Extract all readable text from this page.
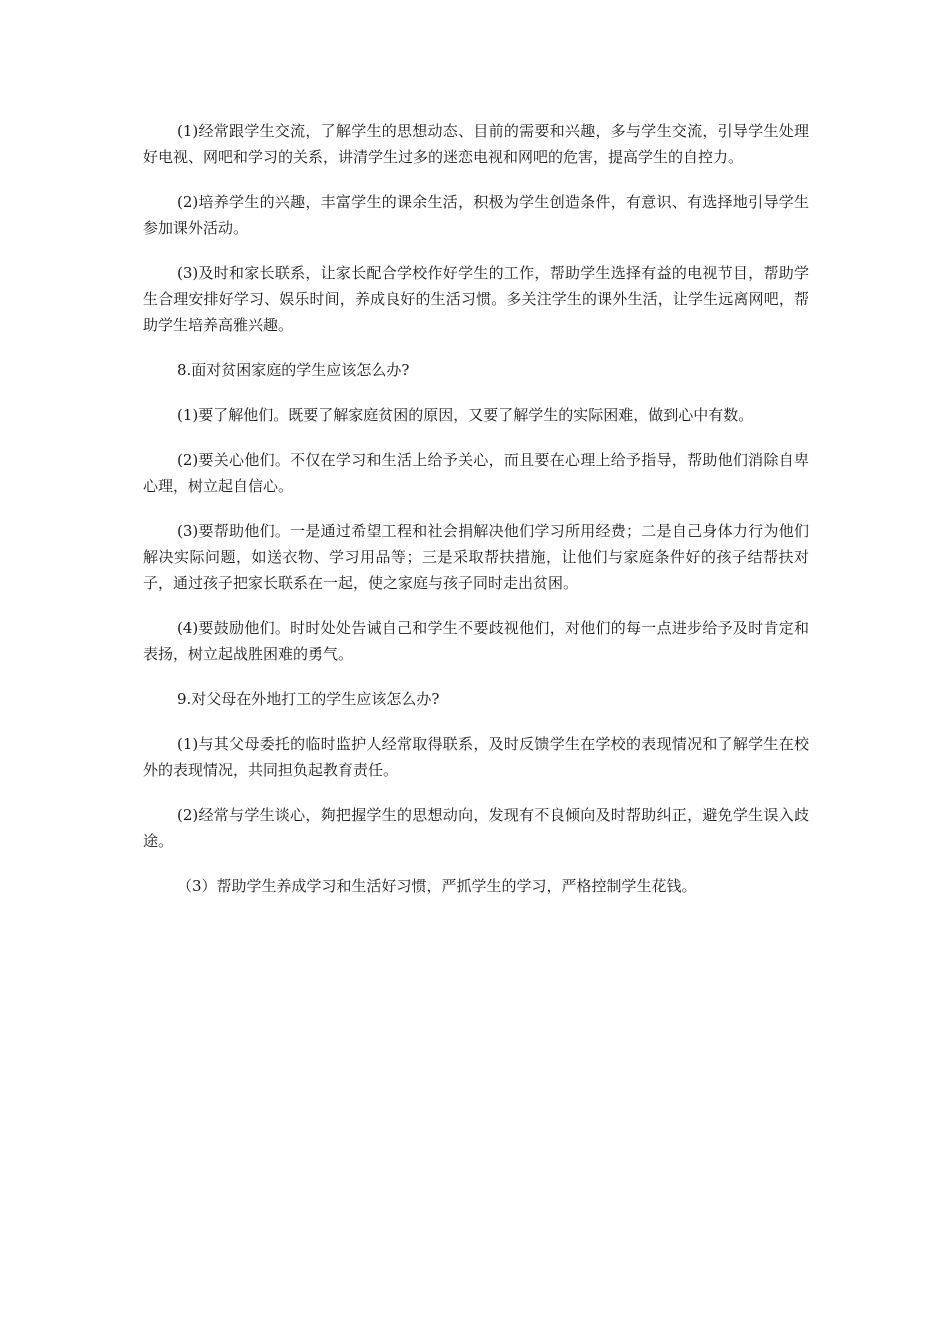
(1)经常跟学生交流，了解学生的思想动态、目前的需要和兴趣，多与学生交流，引导学生处理好电视、网吧和学习的关系，讲清学生过多的迷恋电视和网吧的危害，提高学生的自控力。

(2)培养学生的兴趣，丰富学生的课余生活，积极为学生创造条件，有意识、有选择地引导学生参加课外活动。

(3)及时和家长联系，让家长配合学校作好学生的工作，帮助学生选择有益的电视节目，帮助学生合理安排好学习、娱乐时间，养成良好的生活习惯。多关注学生的课外生活，让学生远离网吧，帮助学生培养高雅兴趣。

8.面对贫困家庭的学生应该怎么办?

(1)要了解他们。既要了解家庭贫困的原因，又要了解学生的实际困难，做到心中有数。

(2)要关心他们。不仅在学习和生活上给予关心，而且要在心理上给予指导，帮助他们消除自卑心理，树立起自信心。

(3)要帮助他们。一是通过希望工程和社会捐解决他们学习所用经费；二是自己身体力行为他们解决实际问题，如送衣物、学习用品等；三是采取帮扶措施，让他们与家庭条件好的孩子结帮扶对子，通过孩子把家长联系在一起，使之家庭与孩子同时走出贫困。

(4)要鼓励他们。时时处处告诫自己和学生不要歧视他们，对他们的每一点进步给予及时肯定和表扬，树立起战胜困难的勇气。

9.对父母在外地打工的学生应该怎么办?

(1)与其父母委托的临时监护人经常取得联系，及时反馈学生在学校的表现情况和了解学生在校外的表现情况，共同担负起教育责任。

(2)经常与学生谈心，夠把握学生的思想动向，发现有不良倾向及时帮助纠正，避免学生误入歧途。

（3）帮助学生养成学习和生活好习惯，严抓学生的学习，严格控制学生花钱。
